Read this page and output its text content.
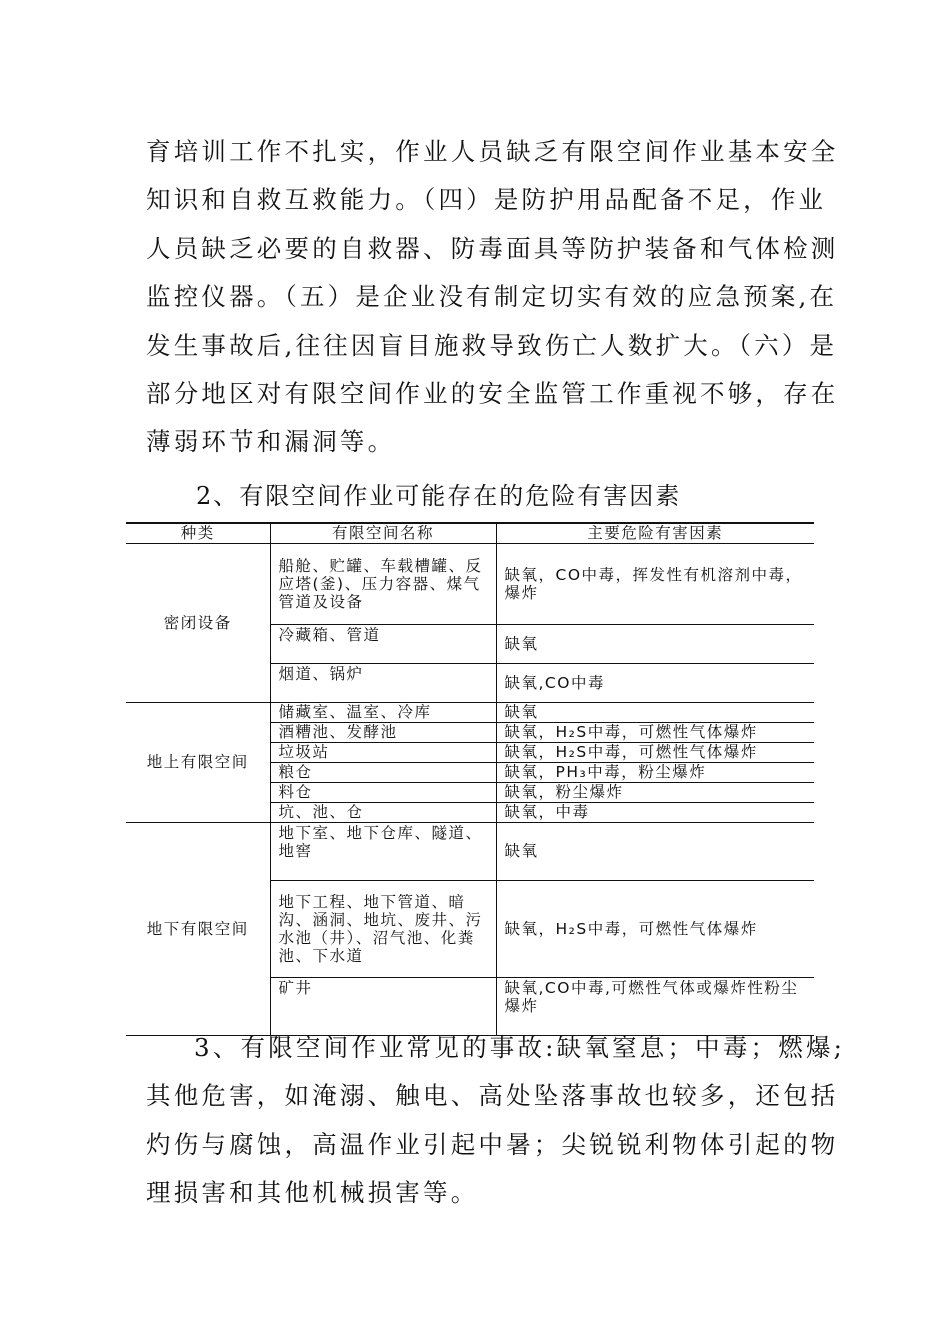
育培训工作不扎实，作业人员缺乏有限空间作业基本安全
知识和自救互救能力。（四）是防护用品配备不足，作业
人员缺乏必要的自救器、防毒面具等防护装备和气体检测
监控仪器。（五）是企业没有制定切实有效的应急预案,在
发生事故后,往往因盲目施救导致伤亡人数扩大。（六）是
部分地区对有限空间作业的安全监管工作重视不够，存在
薄弱环节和漏洞等。
2、有限空间作业可能存在的危险有害因素
种类	有限空间名称	主要危险有害因素
密闭设备	船舱、贮罐、车载槽罐、反应塔(釜)、压力容器、煤气管道及设备	缺氧，CO中毒，挥发性有机溶剂中毒，爆炸
	冷藏箱、管道	缺氧
	烟道、锅炉	缺氧,CO中毒
地上有限空间	储藏室、温室、冷库	缺氧
	酒糟池、发酵池	缺氧，H₂S中毒，可燃性气体爆炸
	垃圾站	缺氧，H₂S中毒，可燃性气体爆炸
	粮仓	缺氧，PH₃中毒，粉尘爆炸
	料仓	缺氧，粉尘爆炸
	坑、池、仓	缺氧，中毒
地下有限空间	地下室、地下仓库、隧道、地窖	缺氧
	地下工程、地下管道、暗沟、涵洞、地坑、废井、污水池（井）、沼气池、化粪池、下水道	缺氧，H₂S中毒，可燃性气体爆炸
	矿井	缺氧,CO中毒,可燃性气体或爆炸性粉尘爆炸
3、有限空间作业常见的事故:缺氧窒息；中毒；燃爆;
其他危害，如淹溺、触电、高处坠落事故也较多，还包括
灼伤与腐蚀，高温作业引起中暑；尖锐锐利物体引起的物
理损害和其他机械损害等。
